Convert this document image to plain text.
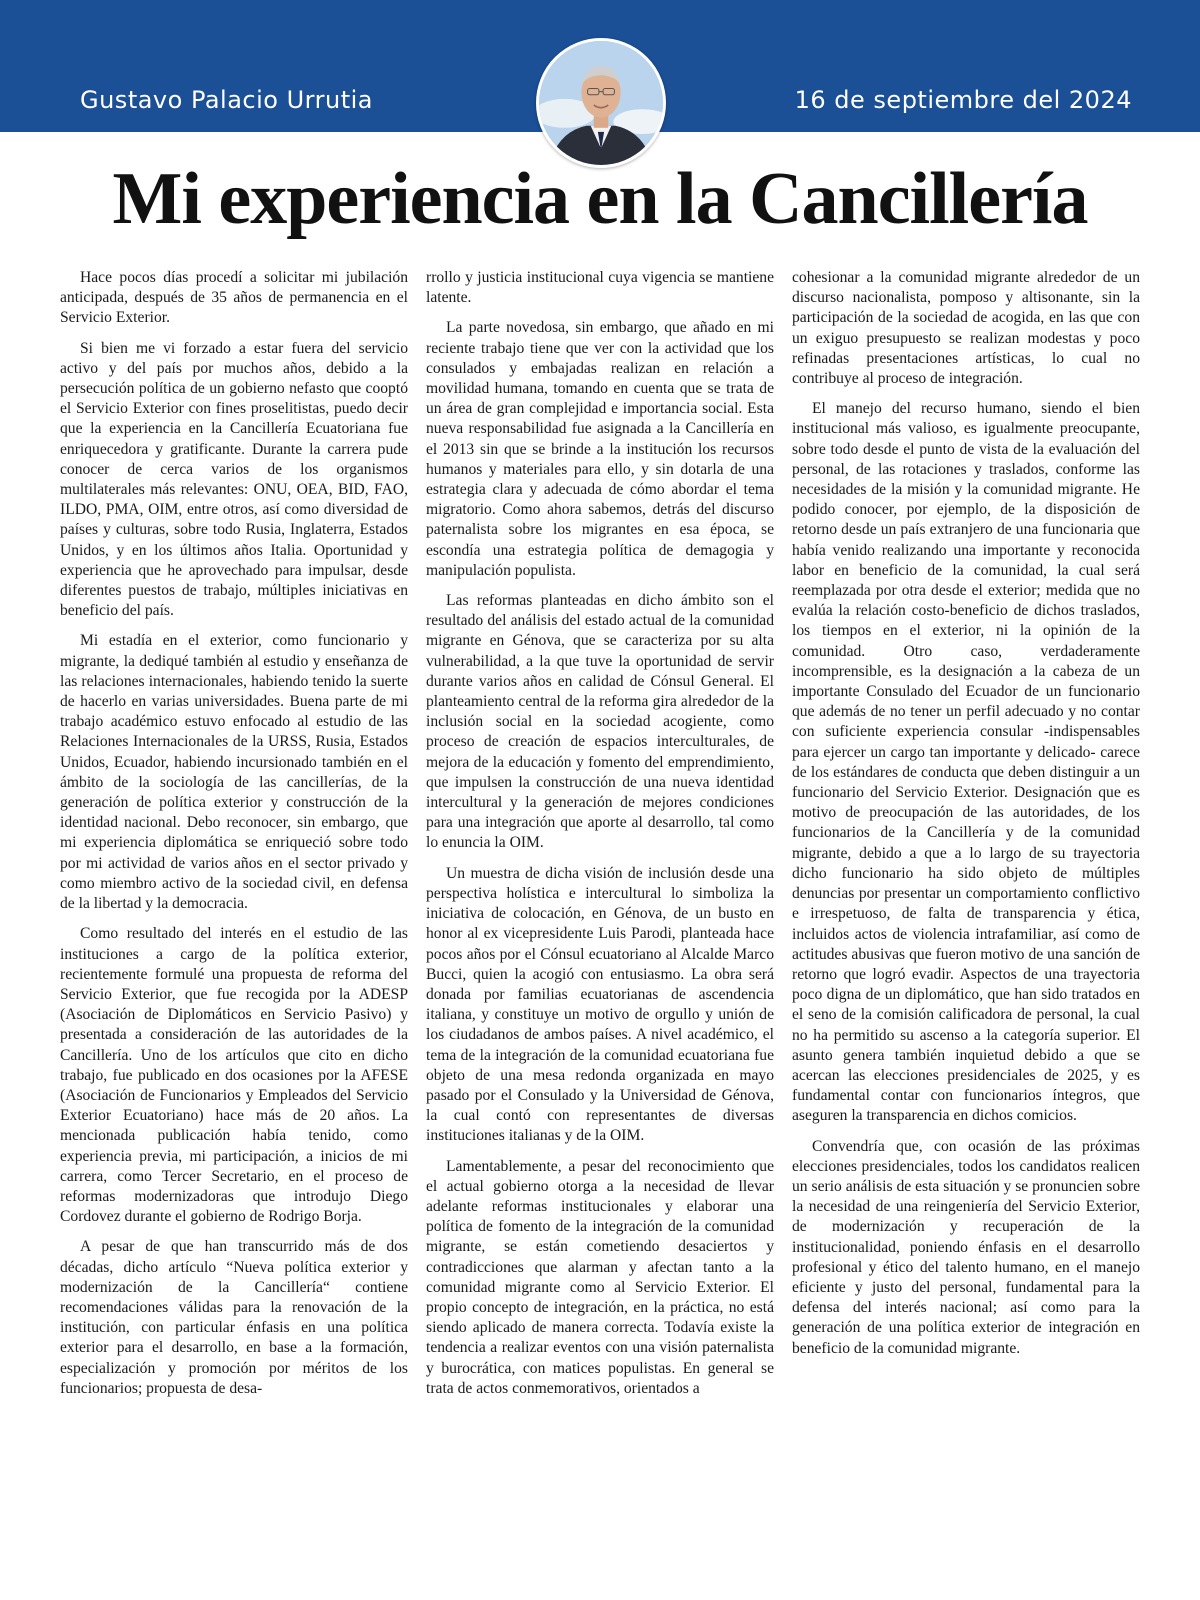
Gustavo Palacio Urrutia	16 de septiembre del 2024
Mi experiencia en la Cancillería

Hace pocos días procedí a solicitar mi jubilación anticipada, después de 35 años de permanencia en el Servicio Exterior.

Si bien me vi forzado a estar fuera del servicio activo y del país por muchos años, debido a la persecución política de un gobierno nefasto que cooptó el Servicio Exterior con fines proselitistas, puedo decir que la experiencia en la Cancillería Ecuatoriana fue enriquecedora y gratificante. Durante la carrera pude conocer de cerca varios de los organismos multilaterales más relevantes: ONU, OEA, BID, FAO, ILDO, PMA, OIM, entre otros, así como diversidad de países y culturas, sobre todo Rusia, Inglaterra, Estados Unidos, y en los últimos años Italia. Oportunidad y experiencia que he aprovechado para impulsar, desde diferentes puestos de trabajo, múltiples iniciativas en beneficio del país.

Mi estadía en el exterior, como funcionario y migrante, la dediqué también al estudio y enseñanza de las relaciones internacionales, habiendo tenido la suerte de hacerlo en varias universidades. Buena parte de mi trabajo académico estuvo enfocado al estudio de las Relaciones Internacionales de la URSS, Rusia, Estados Unidos, Ecuador, habiendo incursionado también en el ámbito de la sociología de las cancillerías, de la generación de política exterior y construcción de la identidad nacional. Debo reconocer, sin embargo, que mi experiencia diplomática se enriqueció sobre todo por mi actividad de varios años en el sector privado y como miembro activo de la sociedad civil, en defensa de la libertad y la democracia.

Como resultado del interés en el estudio de las instituciones a cargo de la política exterior, recientemente formulé una propuesta de reforma del Servicio Exterior, que fue recogida por la ADESP (Asociación de Diplomáticos en Servicio Pasivo) y presentada a consideración de las autoridades de la Cancillería. Uno de los artículos que cito en dicho trabajo, fue publicado en dos ocasiones por la AFESE (Asociación de Funcionarios y Empleados del Servicio Exterior Ecuatoriano) hace más de 20 años. La mencionada publicación había tenido, como experiencia previa, mi participación, a inicios de mi carrera, como Tercer Secretario, en el proceso de reformas modernizadoras que introdujo Diego Cordovez durante el gobierno de Rodrigo Borja.

A pesar de que han transcurrido más de dos décadas, dicho artículo “Nueva política exterior y modernización de la Cancillería“ contiene recomendaciones válidas para la renovación de la institución, con particular énfasis en una política exterior para el desarrollo, en base a la formación, especialización y promoción por méritos de los funcionarios; propuesta de desa-

rrollo y justicia institucional cuya vigencia se mantiene latente.

La parte novedosa, sin embargo, que añado en mi reciente trabajo tiene que ver con la actividad que los consulados y embajadas realizan en relación a movilidad humana, tomando en cuenta que se trata de un área de gran complejidad e importancia social. Esta nueva responsabilidad fue asignada a la Cancillería en el 2013 sin que se brinde a la institución los recursos humanos y materiales para ello, y sin dotarla de una estrategia clara y adecuada de cómo abordar el tema migratorio. Como ahora sabemos, detrás del discurso paternalista sobre los migrantes en esa época, se escondía una estrategia política de demagogia y manipulación populista.

Las reformas planteadas en dicho ámbito son el resultado del análisis del estado actual de la comunidad migrante en Génova, que se caracteriza por su alta vulnerabilidad, a la que tuve la oportunidad de servir durante varios años en calidad de Cónsul General. El planteamiento central de la reforma gira alrededor de la inclusión social en la sociedad acogiente, como proceso de creación de espacios interculturales, de mejora de la educación y fomento del emprendimiento, que impulsen la construcción de una nueva identidad intercultural y la generación de mejores condiciones para una integración que aporte al desarrollo, tal como lo enuncia la OIM.

Un muestra de dicha visión de inclusión desde una perspectiva holística e intercultural lo simboliza la iniciativa de colocación, en Génova, de un busto en honor al ex vicepresidente Luis Parodi, planteada hace pocos años por el Cónsul ecuatoriano al Alcalde Marco Bucci, quien la acogió con entusiasmo. La obra será donada por familias ecuatorianas de ascendencia italiana, y constituye un motivo de orgullo y unión de los ciudadanos de ambos países. A nivel académico, el tema de la integración de la comunidad ecuatoriana fue objeto de una mesa redonda organizada en mayo pasado por el Consulado y la Universidad de Génova, la cual contó con representantes de diversas instituciones italianas y de la OIM.

Lamentablemente, a pesar del reconocimiento que el actual gobierno otorga a la necesidad de llevar adelante reformas institucionales y elaborar una política de fomento de la integración de la comunidad migrante, se están cometiendo desaciertos y contradicciones que alarman y afectan tanto a la comunidad migrante como al Servicio Exterior. El propio concepto de integración, en la práctica, no está siendo aplicado de manera correcta. Todavía existe la tendencia a realizar eventos con una visión paternalista y burocrática, con matices populistas. En general se trata de actos conmemorativos, orientados a

cohesionar a la comunidad migrante alrededor de un discurso nacionalista, pomposo y altisonante, sin la participación de la sociedad de acogida, en las que con un exiguo presupuesto se realizan modestas y poco refinadas presentaciones artísticas, lo cual no contribuye al proceso de integración.

El manejo del recurso humano, siendo el bien institucional más valioso, es igualmente preocupante, sobre todo desde el punto de vista de la evaluación del personal, de las rotaciones y traslados, conforme las necesidades de la misión y la comunidad migrante. He podido conocer, por ejemplo, de la disposición de retorno desde un país extranjero de una funcionaria que había venido realizando una importante y reconocida labor en beneficio de la comunidad, la cual será reemplazada por otra desde el exterior; medida que no evalúa la relación costo-beneficio de dichos traslados, los tiempos en el exterior, ni la opinión de la comunidad. Otro caso, verdaderamente incomprensible, es la designación a la cabeza de un importante Consulado del Ecuador de un funcionario que además de no tener un perfil adecuado y no contar con suficiente experiencia consular -indispensables para ejercer un cargo tan importante y delicado- carece de los estándares de conducta que deben distinguir a un funcionario del Servicio Exterior. Designación que es motivo de preocupación de las autoridades, de los funcionarios de la Cancillería y de la comunidad migrante, debido a que a lo largo de su trayectoria dicho funcionario ha sido objeto de múltiples denuncias por presentar un comportamiento conflictivo e irrespetuoso, de falta de transparencia y ética, incluidos actos de violencia intrafamiliar, así como de actitudes abusivas que fueron motivo de una sanción de retorno que logró evadir. Aspectos de una trayectoria poco digna de un diplomático, que han sido tratados en el seno de la comisión calificadora de personal, la cual no ha permitido su ascenso a la categoría superior. El asunto genera también inquietud debido a que se acercan las elecciones presidenciales de 2025, y es fundamental contar con funcionarios íntegros, que aseguren la transparencia en dichos comicios.

Convendría que, con ocasión de las próximas elecciones presidenciales, todos los candidatos realicen un serio análisis de esta situación y se pronuncien sobre la necesidad de una reingeniería del Servicio Exterior, de modernización y recuperación de la institucionalidad, poniendo énfasis en el desarrollo profesional y ético del talento humano, en el manejo eficiente y justo del personal, fundamental para la defensa del interés nacional; así como para la generación de una política exterior de integración en beneficio de la comunidad migrante.
